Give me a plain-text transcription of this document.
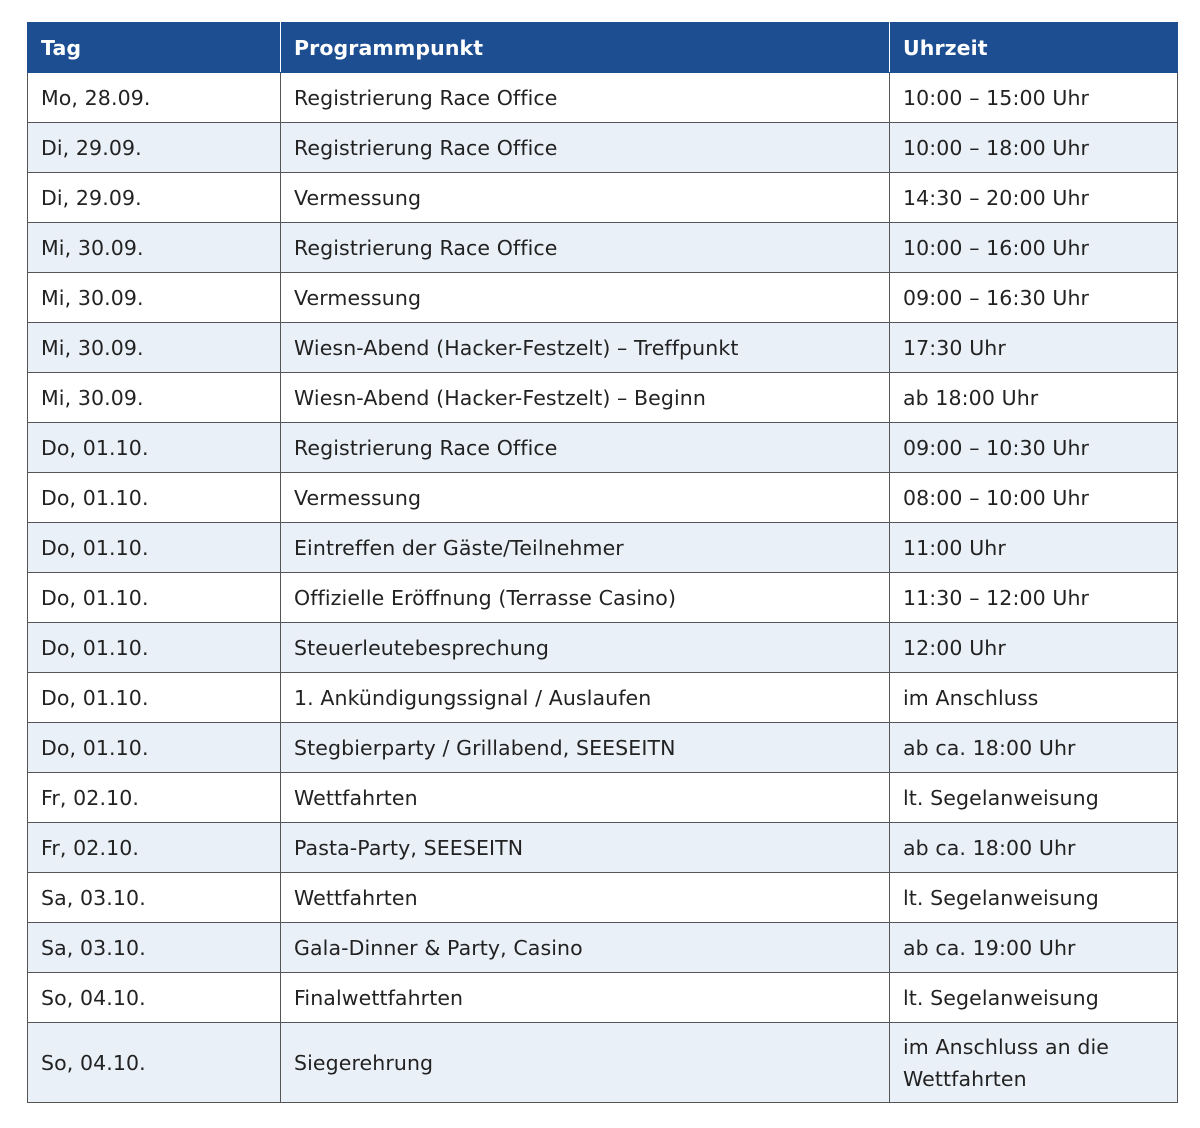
Tag	Programmpunkt	Uhrzeit
Mo, 28.09.	Registrierung Race Office	10:00 – 15:00 Uhr
Di, 29.09.	Registrierung Race Office	10:00 – 18:00 Uhr
Di, 29.09.	Vermessung	14:30 – 20:00 Uhr
Mi, 30.09.	Registrierung Race Office	10:00 – 16:00 Uhr
Mi, 30.09.	Vermessung	09:00 – 16:30 Uhr
Mi, 30.09.	Wiesn-Abend (Hacker-Festzelt) – Treffpunkt	17:30 Uhr
Mi, 30.09.	Wiesn-Abend (Hacker-Festzelt) – Beginn	ab 18:00 Uhr
Do, 01.10.	Registrierung Race Office	09:00 – 10:30 Uhr
Do, 01.10.	Vermessung	08:00 – 10:00 Uhr
Do, 01.10.	Eintreffen der Gäste/Teilnehmer	11:00 Uhr
Do, 01.10.	Offizielle Eröffnung (Terrasse Casino)	11:30 – 12:00 Uhr
Do, 01.10.	Steuerleutebesprechung	12:00 Uhr
Do, 01.10.	1. Ankündigungssignal / Auslaufen	im Anschluss
Do, 01.10.	Stegbierparty / Grillabend, SEESEITN	ab ca. 18:00 Uhr
Fr, 02.10.	Wettfahrten	lt. Segelanweisung
Fr, 02.10.	Pasta-Party, SEESEITN	ab ca. 18:00 Uhr
Sa, 03.10.	Wettfahrten	lt. Segelanweisung
Sa, 03.10.	Gala-Dinner & Party, Casino	ab ca. 19:00 Uhr
So, 04.10.	Finalwettfahrten	lt. Segelanweisung
So, 04.10.	Siegerehrung	im Anschluss an die Wettfahrten
